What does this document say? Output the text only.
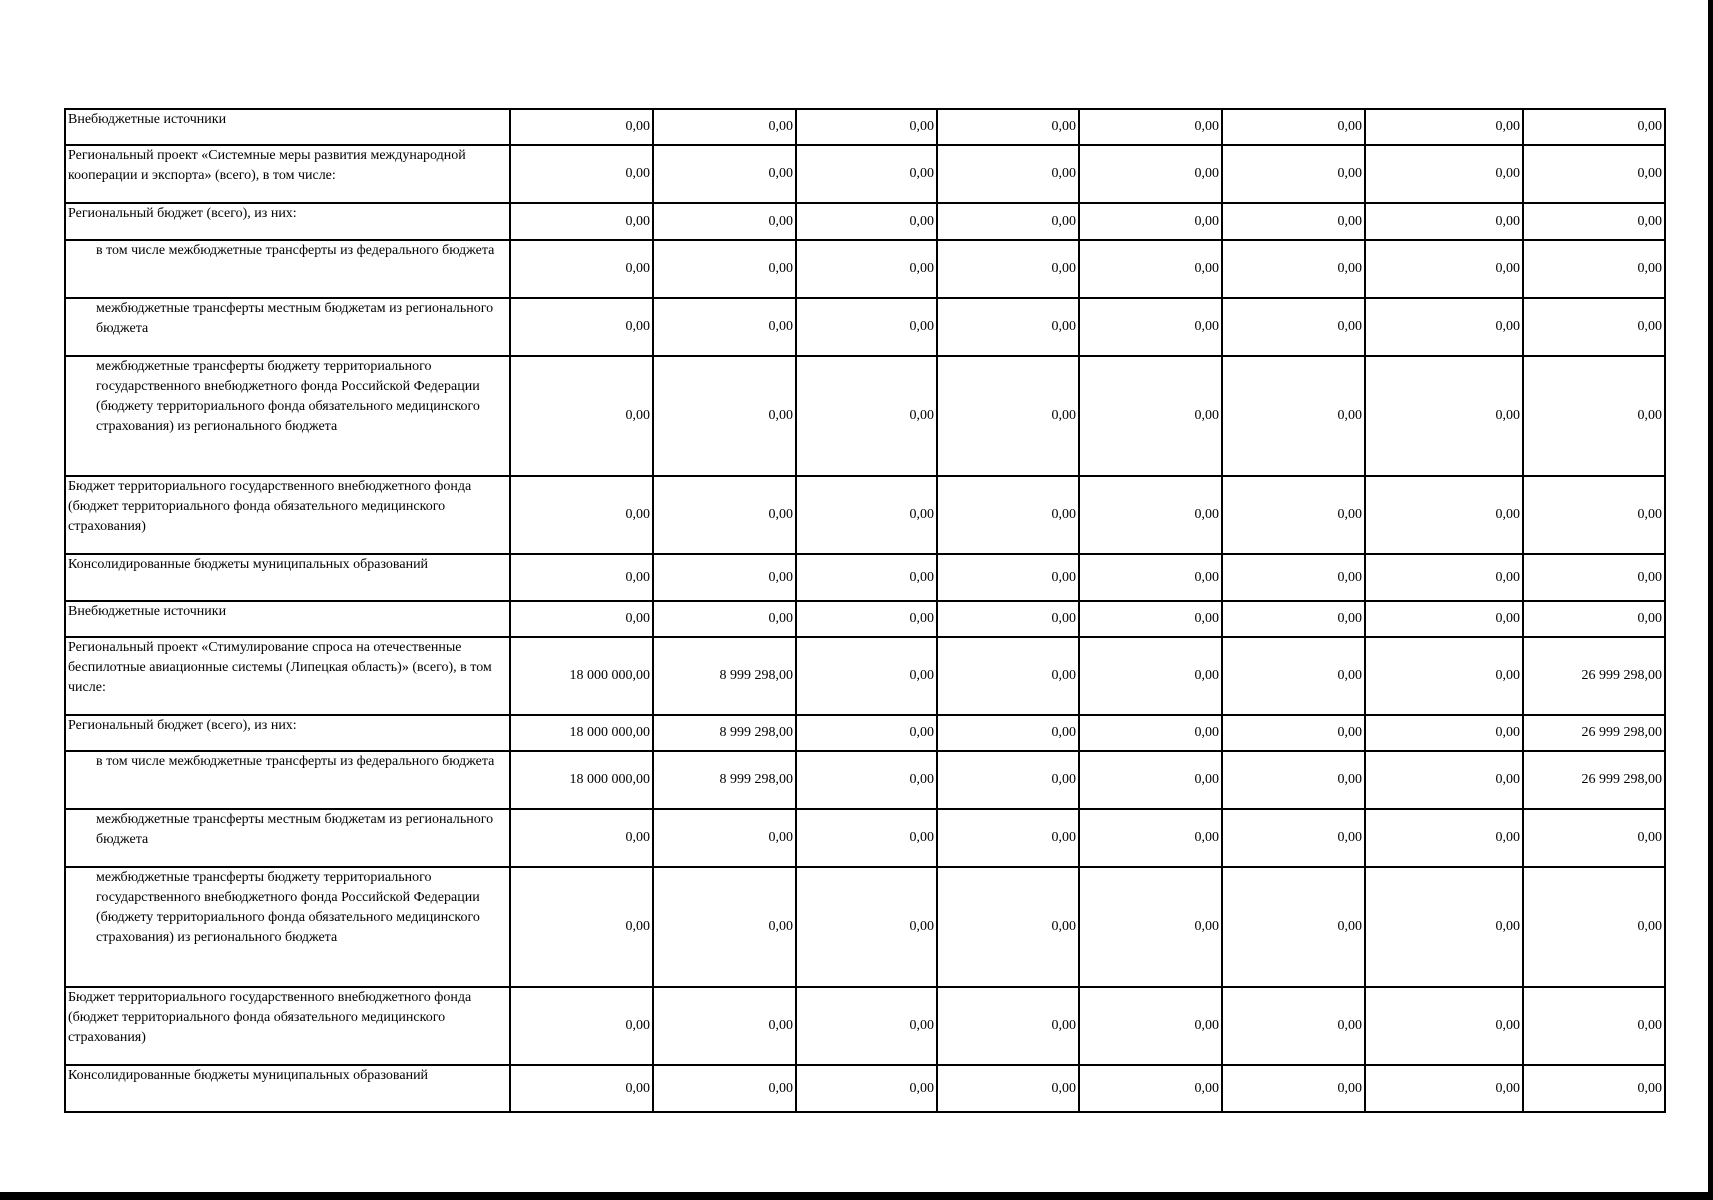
Внебюджетные источники	0,00	0,00	0,00	0,00	0,00	0,00	0,00	0,00
Региональный проект «Системные меры развития международной кооперации и экспорта» (всего), в том числе:	0,00	0,00	0,00	0,00	0,00	0,00	0,00	0,00
Региональный бюджет (всего), из них:	0,00	0,00	0,00	0,00	0,00	0,00	0,00	0,00
в том числе межбюджетные трансферты из федерального бюджета	0,00	0,00	0,00	0,00	0,00	0,00	0,00	0,00
межбюджетные трансферты местным бюджетам из регионального бюджета	0,00	0,00	0,00	0,00	0,00	0,00	0,00	0,00
межбюджетные трансферты бюджету территориального государственного внебюджетного фонда Российской Федерации (бюджету территориального фонда обязательного медицинского страхования) из регионального бюджета	0,00	0,00	0,00	0,00	0,00	0,00	0,00	0,00
Бюджет территориального государственного внебюджетного фонда (бюджет территориального фонда обязательного медицинского страхования)	0,00	0,00	0,00	0,00	0,00	0,00	0,00	0,00
Консолидированные бюджеты муниципальных образований	0,00	0,00	0,00	0,00	0,00	0,00	0,00	0,00
Внебюджетные источники	0,00	0,00	0,00	0,00	0,00	0,00	0,00	0,00
Региональный проект «Стимулирование спроса на отечественные беспилотные авиационные системы (Липецкая область)» (всего), в том числе:	18 000 000,00	8 999 298,00	0,00	0,00	0,00	0,00	0,00	26 999 298,00
Региональный бюджет (всего), из них:	18 000 000,00	8 999 298,00	0,00	0,00	0,00	0,00	0,00	26 999 298,00
в том числе межбюджетные трансферты из федерального бюджета	18 000 000,00	8 999 298,00	0,00	0,00	0,00	0,00	0,00	26 999 298,00
межбюджетные трансферты местным бюджетам из регионального бюджета	0,00	0,00	0,00	0,00	0,00	0,00	0,00	0,00
межбюджетные трансферты бюджету территориального государственного внебюджетного фонда Российской Федерации (бюджету территориального фонда обязательного медицинского страхования) из регионального бюджета	0,00	0,00	0,00	0,00	0,00	0,00	0,00	0,00
Бюджет территориального государственного внебюджетного фонда (бюджет территориального фонда обязательного медицинского страхования)	0,00	0,00	0,00	0,00	0,00	0,00	0,00	0,00
Консолидированные бюджеты муниципальных образований	0,00	0,00	0,00	0,00	0,00	0,00	0,00	0,00
